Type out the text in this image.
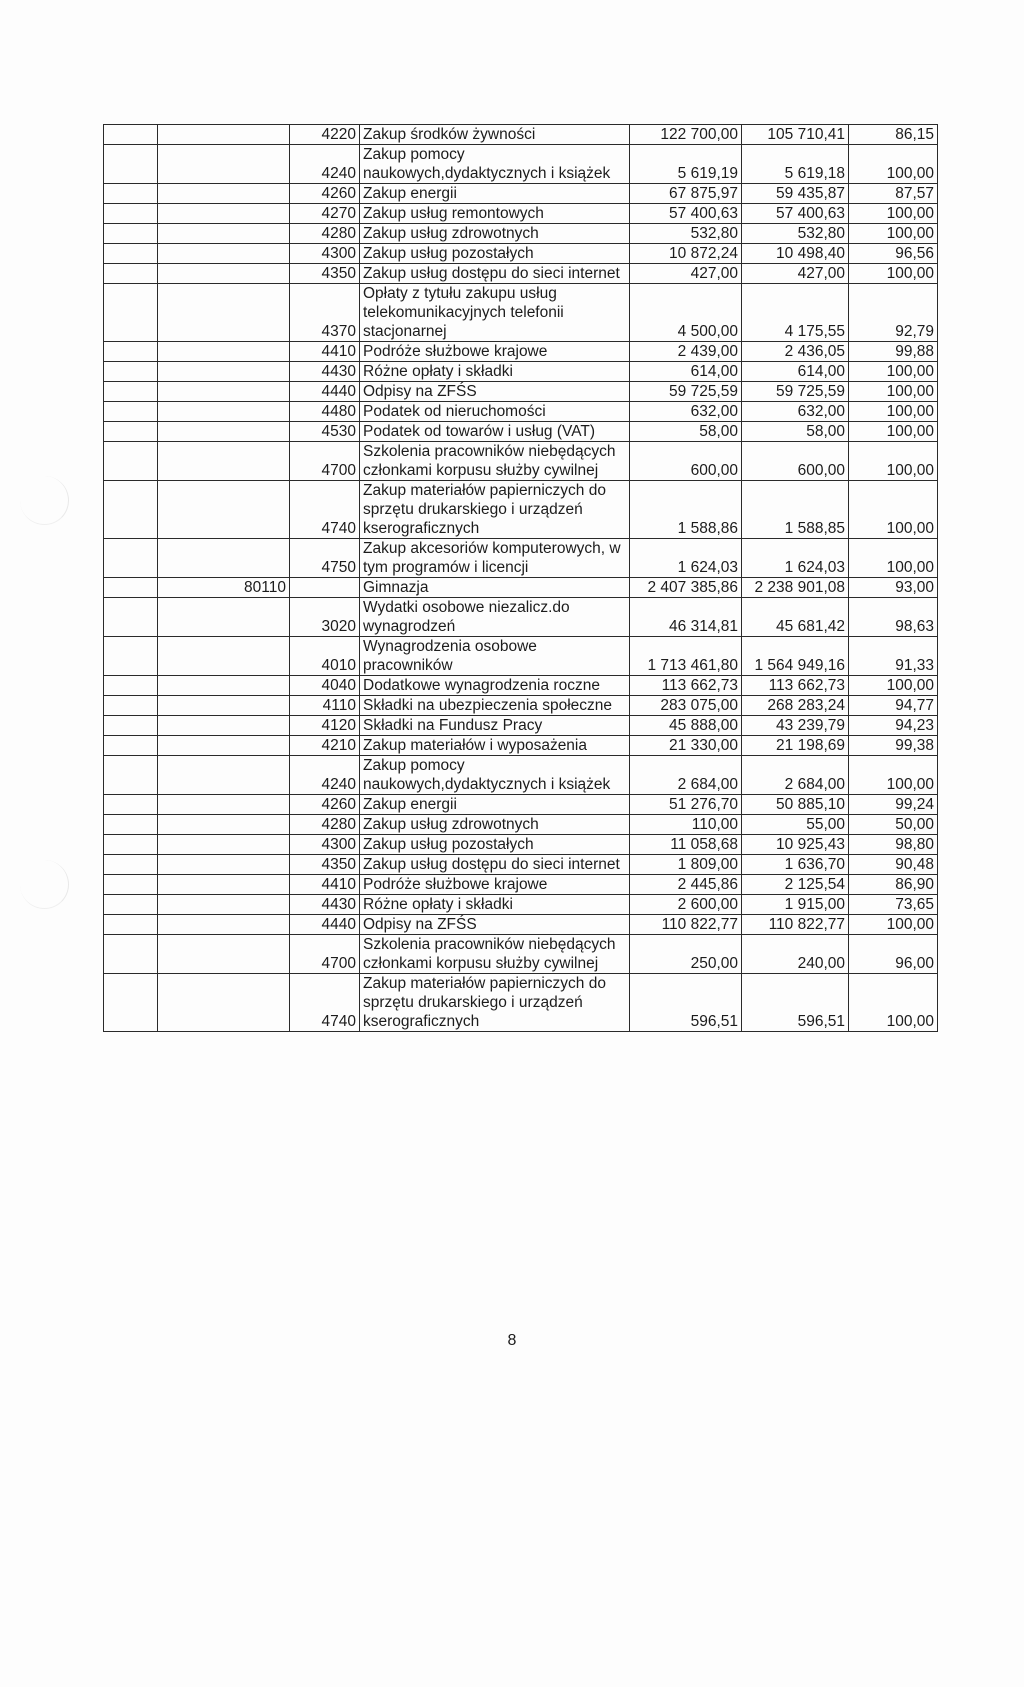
		4220	Zakup środków żywności	122 700,00	105 710,41	86,15
		4240	Zakup pomocy naukowych,dydaktycznych i książek	5 619,19	5 619,18	100,00
		4260	Zakup energii	67 875,97	59 435,87	87,57
		4270	Zakup usług remontowych	57 400,63	57 400,63	100,00
		4280	Zakup usług zdrowotnych	532,80	532,80	100,00
		4300	Zakup usług pozostałych	10 872,24	10 498,40	96,56
		4350	Zakup usług dostępu do sieci internet	427,00	427,00	100,00
		4370	Opłaty z tytułu zakupu usług telekomunikacyjnych telefonii stacjonarnej	4 500,00	4 175,55	92,79
		4410	Podróże służbowe krajowe	2 439,00	2 436,05	99,88
		4430	Różne opłaty i składki	614,00	614,00	100,00
		4440	Odpisy na ZFŚS	59 725,59	59 725,59	100,00
		4480	Podatek od nieruchomości	632,00	632,00	100,00
		4530	Podatek od towarów i usług (VAT)	58,00	58,00	100,00
		4700	Szkolenia pracowników niebędących członkami korpusu służby cywilnej	600,00	600,00	100,00
		4740	Zakup materiałów papierniczych do sprzętu drukarskiego i urządzeń kserograficznych	1 588,86	1 588,85	100,00
		4750	Zakup akcesoriów komputerowych, w tym programów i licencji	1 624,03	1 624,03	100,00
	80110		Gimnazja	2 407 385,86	2 238 901,08	93,00
		3020	Wydatki osobowe niezalicz.do wynagrodzeń	46 314,81	45 681,42	98,63
		4010	Wynagrodzenia osobowe pracowników	1 713 461,80	1 564 949,16	91,33
		4040	Dodatkowe wynagrodzenia roczne	113 662,73	113 662,73	100,00
		4110	Składki na ubezpieczenia społeczne	283 075,00	268 283,24	94,77
		4120	Składki na Fundusz Pracy	45 888,00	43 239,79	94,23
		4210	Zakup materiałów i wyposażenia	21 330,00	21 198,69	99,38
		4240	Zakup pomocy naukowych,dydaktycznych i książek	2 684,00	2 684,00	100,00
		4260	Zakup energii	51 276,70	50 885,10	99,24
		4280	Zakup usług zdrowotnych	110,00	55,00	50,00
		4300	Zakup usług pozostałych	11 058,68	10 925,43	98,80
		4350	Zakup usług dostępu do sieci internet	1 809,00	1 636,70	90,48
		4410	Podróże służbowe krajowe	2 445,86	2 125,54	86,90
		4430	Różne opłaty i składki	2 600,00	1 915,00	73,65
		4440	Odpisy na ZFŚS	110 822,77	110 822,77	100,00
		4700	Szkolenia pracowników niebędących członkami korpusu służby cywilnej	250,00	240,00	96,00
		4740	Zakup materiałów papierniczych do sprzętu drukarskiego i urządzeń kserograficznych	596,51	596,51	100,00
8
